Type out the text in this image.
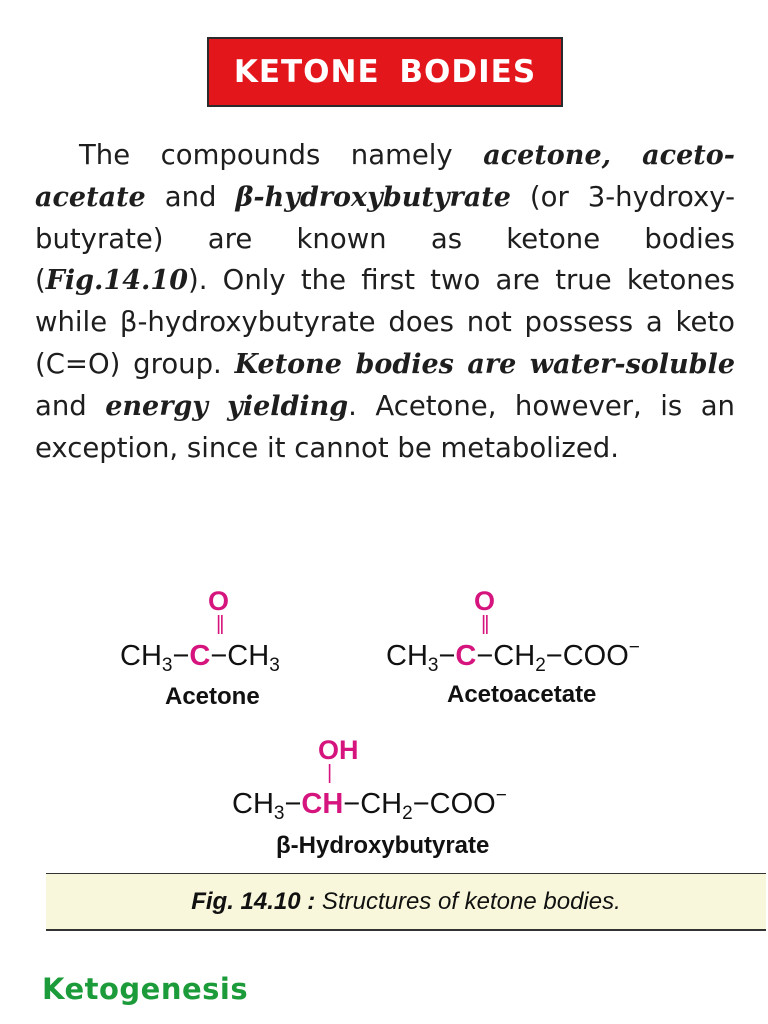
KETONE BODIES

The compounds namely acetone, aceto-acetate and β-hydroxybutyrate (or 3-hydroxy-butyrate) are known as ketone bodies (Fig.14.10). Only the first two are true ketones while β-hydroxybutyrate does not possess a keto (C=O) group. Ketone bodies are water-soluble and energy yielding. Acetone, however, is an exception, since it cannot be metabolized.

O
||
$CH_3-C-CH_3$
Acetone
O
||
$CH_3-C-CH_2-COO^-$
Acetoacetate
OH
|
$CH_3-CH-CH_2-COO^-$
β-Hydroxybutyrate
Fig. 14.10 : Structures of ketone bodies.
Ketogenesis
